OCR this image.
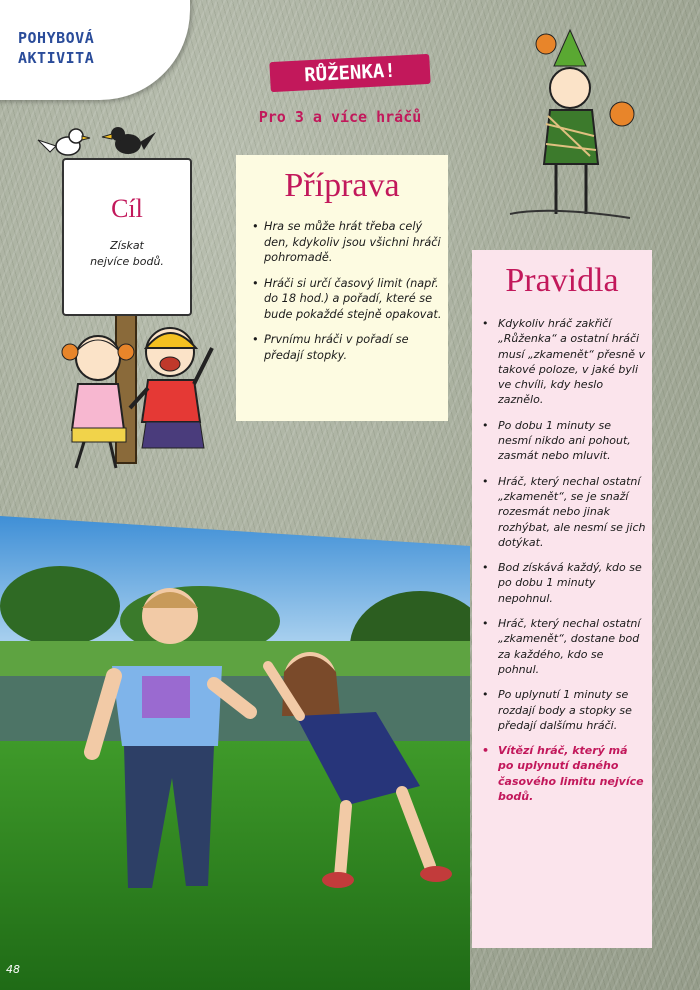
POHYBOVÁ
AKTIVITA
RŮŽENKA!
Pro 3 a více hráčů
Cíl
Získat
nejvíce bodů.
Příprava
• Hra se může hrát třeba celý den, kdykoliv jsou všichni hráči pohromadě.
• Hráči si určí časový limit (např. do 18 hod.) a pořadí, které se bude pokaždé stejně opakovat.
• Prvnímu hráči v pořadí se předají stopky.
Pravidla
• Kdykoliv hráč zakřičí „Růženka“ a ostatní hráči musí „zkamenět“ přesně v takové poloze, v jaké byli ve chvíli, kdy heslo zaznělo.
• Po dobu 1 minuty se nesmí nikdo ani pohout, zasmát nebo mluvit.
• Hráč, který nechal ostatní „zkamenět“, se je snaží rozesmát nebo jinak rozhýbat, ale nesmí se jich dotýkat.
• Bod získává každý, kdo se po dobu 1 minuty nepohnul.
• Hráč, který nechal ostatní „zkamenět“, dostane bod za každého, kdo se pohnul.
• Po uplynutí 1 minuty se rozdají body a stopky se předají dalšímu hráči.
• Vítězí hráč, který má po uplynutí daného časového limitu nejvíce bodů.
48
